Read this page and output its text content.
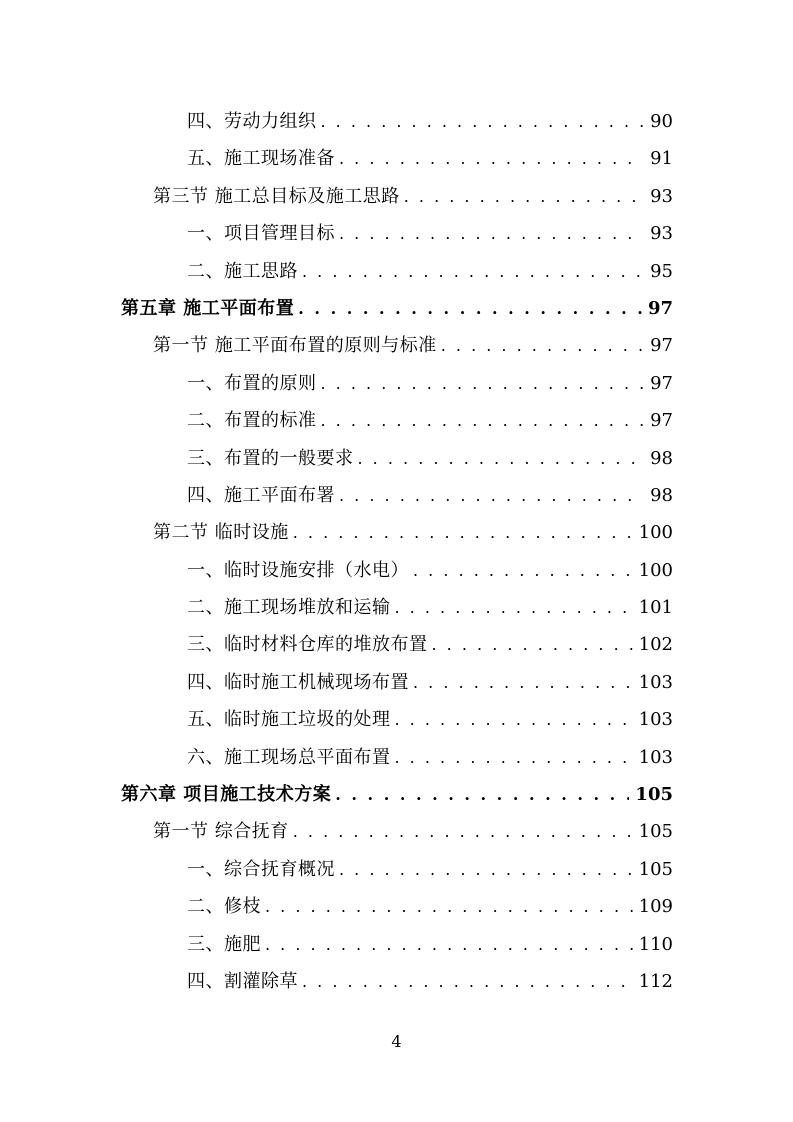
四、劳动力组织 . . .	90
五、施工现场准备 . . .	91
第三节 施工总目标及施工思路 . . .	93
一、项目管理目标 . . .	93
二、施工思路 . . .	95
第五章 施工平面布置 . . .	97
第一节 施工平面布置的原则与标准 . . .	97
一、布置的原则 . . .	97
二、布置的标准 . . .	97
三、布置的一般要求 . . .	98
四、施工平面布署 . . .	98
第二节 临时设施 . . .	100
一、临时设施安排（水电） . . .	100
二、施工现场堆放和运输 . . .	101
三、临时材料仓库的堆放布置 . . .	102
四、临时施工机械现场布置 . . .	103
五、临时施工垃圾的处理 . . .	103
六、施工现场总平面布置 . . .	103
第六章 项目施工技术方案 . . .	105
第一节 综合抚育 . . .	105
一、综合抚育概况 . . .	105
二、修枝 . . .	109
三、施肥 . . .	110
四、割灌除草 . . .	112
4
